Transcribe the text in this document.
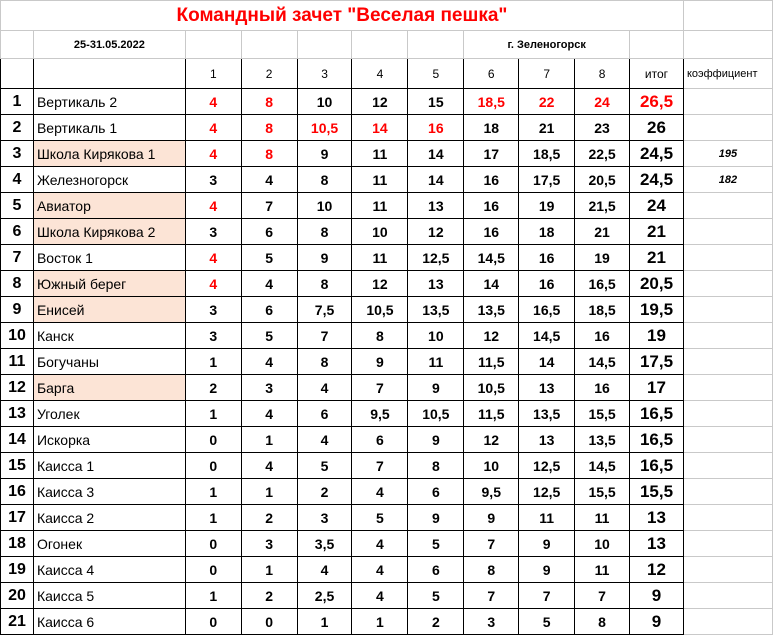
Командный зачет "Веселая пешка"											
	25-31.05.2022						г. Зеленогорск				
		1	2	3	4	5	6	7	8	итог	коэффициент
1	Вертикаль 2	4	8	10	12	15	18,5	22	24	26,5	
2	Вертикаль 1	4	8	10,5	14	16	18	21	23	26	
3	Школа Кирякова 1	4	8	9	11	14	17	18,5	22,5	24,5	195
4	Железногорск	3	4	8	11	14	16	17,5	20,5	24,5	182
5	Авиатор	4	7	10	11	13	16	19	21,5	24	
6	Школа Кирякова 2	3	6	8	10	12	16	18	21	21	
7	Восток 1	4	5	9	11	12,5	14,5	16	19	21	
8	Южный берег	4	4	8	12	13	14	16	16,5	20,5	
9	Енисей	3	6	7,5	10,5	13,5	13,5	16,5	18,5	19,5	
10	Канск	3	5	7	8	10	12	14,5	16	19	
11	Богучаны	1	4	8	9	11	11,5	14	14,5	17,5	
12	Барга	2	3	4	7	9	10,5	13	16	17	
13	Уголек	1	4	6	9,5	10,5	11,5	13,5	15,5	16,5	
14	Искорка	0	1	4	6	9	12	13	13,5	16,5	
15	Каисса 1	0	4	5	7	8	10	12,5	14,5	16,5	
16	Каисса 3	1	1	2	4	6	9,5	12,5	15,5	15,5	
17	Каисса 2	1	2	3	5	9	9	11	11	13	
18	Огонек	0	3	3,5	4	5	7	9	10	13	
19	Каисса 4	0	1	4	4	6	8	9	11	12	
20	Каисса 5	1	2	2,5	4	5	7	7	7	9	
21	Каисса 6	0	0	1	1	2	3	5	8	9	
